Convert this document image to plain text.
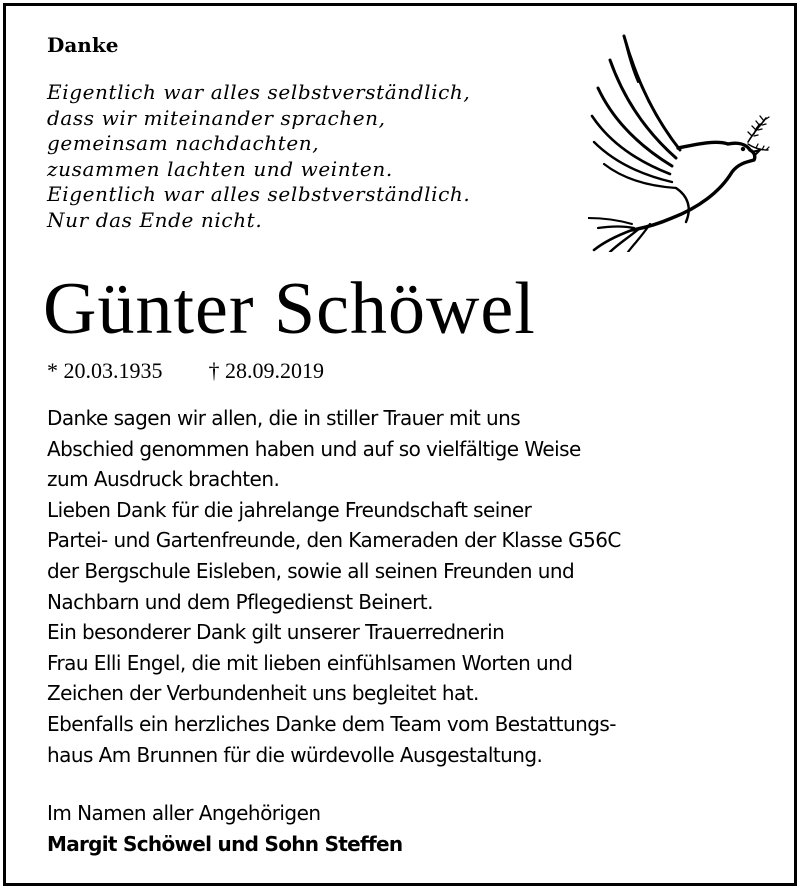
Danke
Eigentlich war alles selbstverständlich,
dass wir miteinander sprachen,
gemeinsam nachdachten,
zusammen lachten und weinten.
Eigentlich war alles selbstverständlich.
Nur das Ende nicht.
Günter Schöwel
* 20.03.1935 † 28.09.2019
Danke sagen wir allen, die in stiller Trauer mit uns
Abschied genommen haben und auf so vielfältige Weise
zum Ausdruck brachten.
Lieben Dank für die jahrelange Freundschaft seiner
Partei- und Gartenfreunde, den Kameraden der Klasse G56C
der Bergschule Eisleben, sowie all seinen Freunden und
Nachbarn und dem Pflegedienst Beinert.
Ein besonderer Dank gilt unserer Trauerrednerin
Frau Elli Engel, die mit lieben einfühlsamen Worten und
Zeichen der Verbundenheit uns begleitet hat.
Ebenfalls ein herzliches Danke dem Team vom Bestattungs-
haus Am Brunnen für die würdevolle Ausgestaltung.
Im Namen aller Angehörigen
Margit Schöwel und Sohn Steffen
